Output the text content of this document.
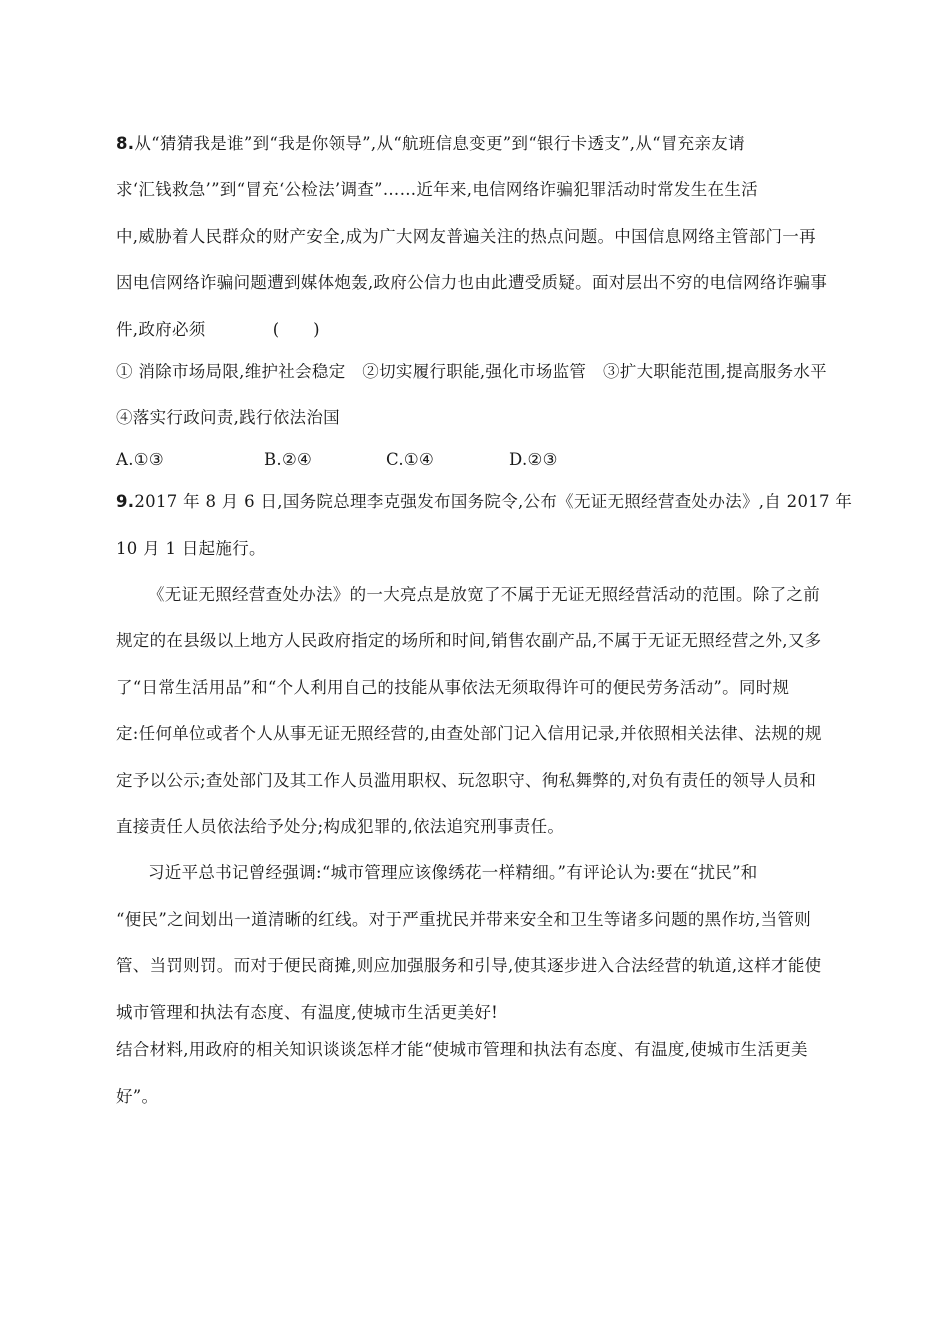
8.从“猜猜我是谁”到“我是你领导”,从“航班信息变更”到“银行卡透支”,从“冒充亲友请
求‘汇钱救急’”到“冒充‘公检法’调查”……近年来,电信网络诈骗犯罪活动时常发生在生活
中,威胁着人民群众的财产安全,成为广大网友普遍关注的热点问题。中国信息网络主管部门一再
因电信网络诈骗问题遭到媒体炮轰,政府公信力也由此遭受质疑。面对层出不穷的电信网络诈骗事
件,政府必须　　　　(　　)
① 消除市场局限,维护社会稳定　②切实履行职能,强化市场监管　③扩大职能范围,提高服务水平
④落实行政问责,践行依法治国
A.①③	B.②④	C.①④	D.②③
9.2017 年 8 月 6 日,国务院总理李克强发布国务院令,公布《无证无照经营查处办法》,自 2017 年
10 月 1 日起施行。
《无证无照经营查处办法》的一大亮点是放宽了不属于无证无照经营活动的范围。除了之前
规定的在县级以上地方人民政府指定的场所和时间,销售农副产品,不属于无证无照经营之外,又多
了“日常生活用品”和“个人利用自己的技能从事依法无须取得许可的便民劳务活动”。同时规
定:任何单位或者个人从事无证无照经营的,由查处部门记入信用记录,并依照相关法律、法规的规
定予以公示;查处部门及其工作人员滥用职权、玩忽职守、徇私舞弊的,对负有责任的领导人员和
直接责任人员依法给予处分;构成犯罪的,依法追究刑事责任。
习近平总书记曾经强调:“城市管理应该像绣花一样精细。”有评论认为:要在“扰民”和
“便民”之间划出一道清晰的红线。对于严重扰民并带来安全和卫生等诸多问题的黑作坊,当管则
管、当罚则罚。而对于便民商摊,则应加强服务和引导,使其逐步进入合法经营的轨道,这样才能使
城市管理和执法有态度、有温度,使城市生活更美好!
结合材料,用政府的相关知识谈谈怎样才能“使城市管理和执法有态度、有温度,使城市生活更美
好”。
